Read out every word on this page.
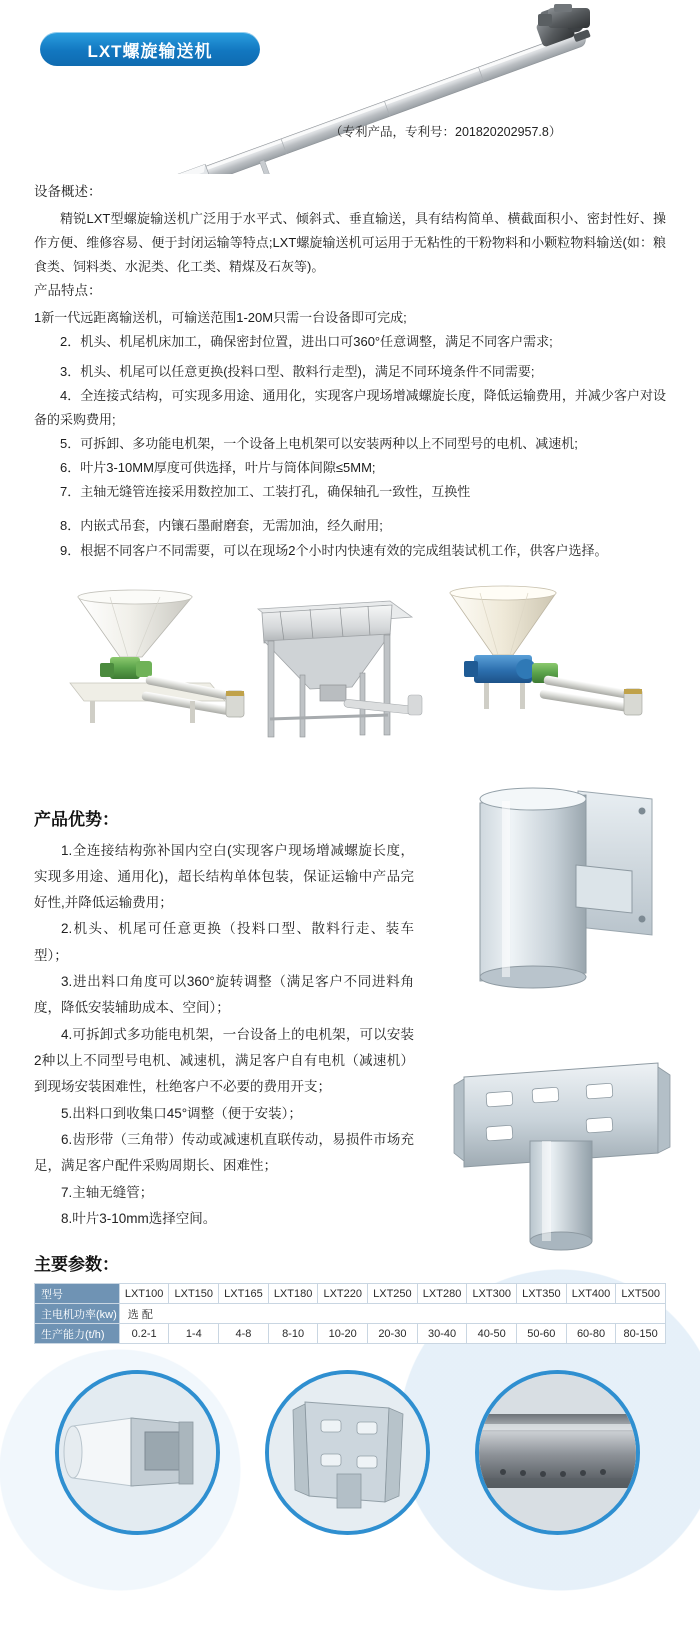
LXT螺旋输送机
（专利产品，专利号：201820202957.8）

设备概述：

精锐LXT型螺旋输送机广泛用于水平式、倾斜式、垂直输送，具有结构简单、横截面积小、密封性好、操作方便、维修容易、便于封闭运输等特点;LXT螺旋输送机可运用于无粘性的干粉物料和小颗粒物料输送(如：粮食类、饲料类、水泥类、化工类、精煤及石灰等)。

产品特点：

1新一代远距离输送机，可输送范围1-20M只需一台设备即可完成;

2．机头、机尾机床加工，确保密封位置，进出口可360°任意调整，满足不同客户需求;

3．机头、机尾可以任意更换(投料口型、散料行走型)，满足不同环境条件不同需要;

4．全连接式结构，可实现多用途、通用化，实现客户现场增减螺旋长度，降低运输费用，并减少客户对设备的采购费用;

5．可拆卸、多功能电机架，一个设备上电机架可以安装两种以上不同型号的电机、减速机;

6．叶片3-10MM厚度可供选择，叶片与筒体间隙≤5MM;

7．主轴无缝管连接采用数控加工、工装打孔，确保轴孔一致性，互换性

8．内嵌式吊套，内镶石墨耐磨套，无需加油，经久耐用;

9．根据不同客户不同需要，可以在现场2个小时内快速有效的完成组装试机工作，供客户选择。

产品优势：

1.全连接结构弥补国内空白(实现客户现场增减螺旋长度，实现多用途、通用化)，超长结构单体包装，保证运输中产品完好性,并降低运输费用；

2.机头、机尾可任意更换（投料口型、散料行走、装车型）；

3.进出料口角度可以360°旋转调整（满足客户不同进料角度，降低安装辅助成本、空间）；

4.可拆卸式多功能电机架，一台设备上的电机架，可以安装2种以上不同型号电机、减速机，满足客户自有电机（减速机）到现场安装困难性，杜绝客户不必要的费用开支；

5.出料口到收集口45°调整（便于安装）；

6.齿形带（三角带）传动或减速机直联传动，易损件市场充足，满足客户配件采购周期长、困难性；

7.主轴无缝管；

8.叶片3-10mm选择空间。

主要参数：
型号	LXT100	LXT150	LXT165	LXT180	LXT220	LXT250	LXT280	LXT300	LXT350	LXT400	LXT500
主电机功率(kw)	选 配										
生产能力(t/h)	0.2-1	1-4	4-8	8-10	10-20	20-30	30-40	40-50	50-60	60-80	80-150
